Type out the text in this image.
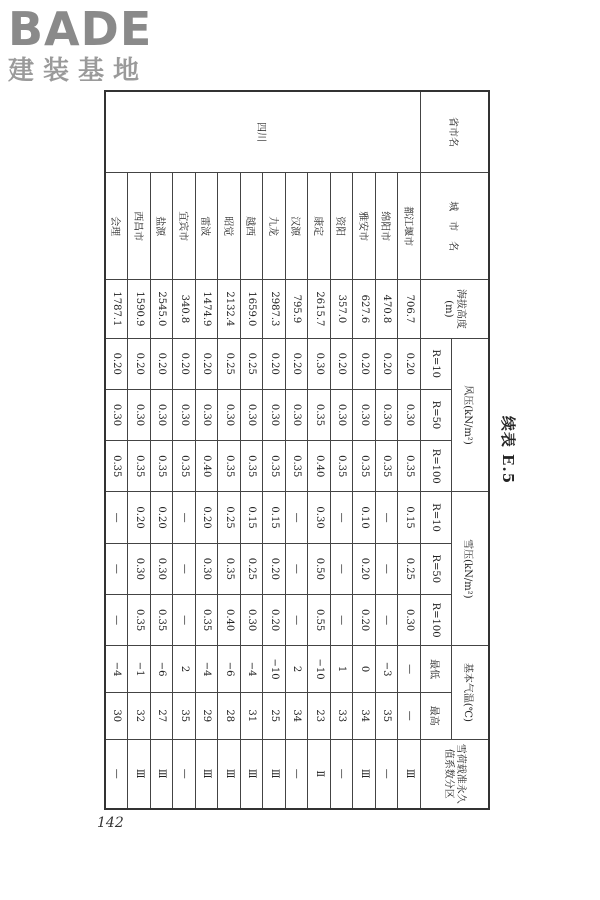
BADE
建装基地
续表 E.5
省市名	城　市　名	海拔高度(m)	风压(kN/m²)			雪压(kN/m²)			基本气温(℃)		雪荷载准永久值系数分区
			R=10	R=50	R=100	R=10	R=50	R=100	最低	最高	
四川	都江堰市	706.7	0.20	0.30	0.35	0.15	0.25	0.30	—	—	Ⅲ
	绵阳市	470.8	0.20	0.30	0.35	—	—	—	−3	35	—
	雅安市	627.6	0.20	0.30	0.35	0.10	0.20	0.20	0	34	Ⅲ
	资阳	357.0	0.20	0.30	0.35	—	—	—	1	33	—
	康定	2615.7	0.30	0.35	0.40	0.30	0.50	0.55	−10	23	Ⅱ
	汉源	795.9	0.20	0.30	0.35	—	—	—	2	34	—
	九龙	2987.3	0.20	0.30	0.35	0.15	0.20	0.20	−10	25	Ⅲ
	越西	1659.0	0.25	0.30	0.35	0.15	0.25	0.30	−4	31	Ⅲ
	昭觉	2132.4	0.25	0.30	0.35	0.25	0.35	0.40	−6	28	Ⅲ
	雷波	1474.9	0.20	0.30	0.40	0.20	0.30	0.35	−4	29	Ⅲ
	宜宾市	340.8	0.20	0.30	0.35	—	—	—	2	35	—
	盐源	2545.0	0.20	0.30	0.35	0.20	0.30	0.35	−6	27	Ⅲ
	西昌市	1590.9	0.20	0.30	0.35	0.20	0.30	0.35	−1	32	Ⅲ
	会理	1787.1	0.20	0.30	0.35	—	—	—	−4	30	—
142
